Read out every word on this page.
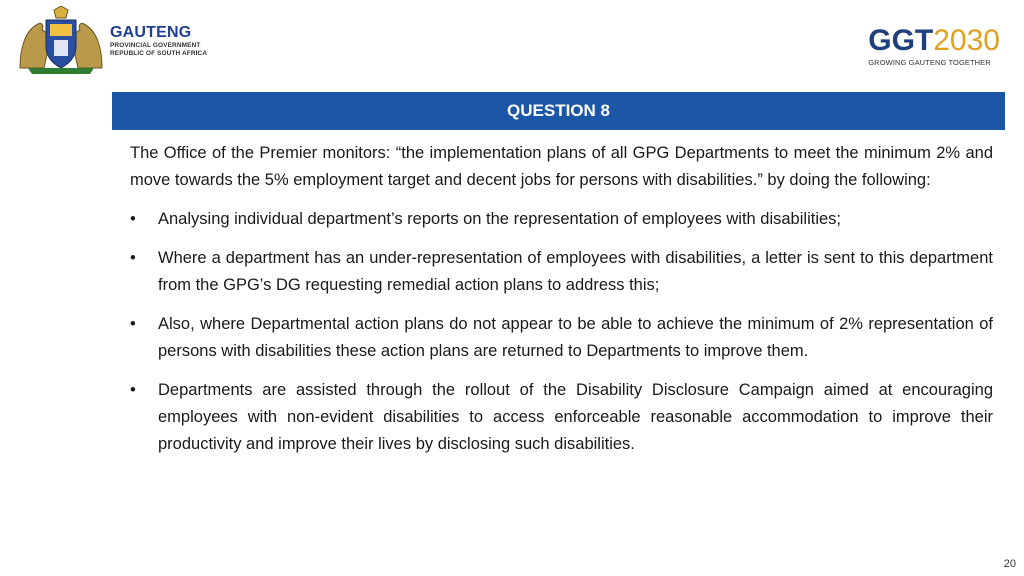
GAUTENG
PROVINCIAL GOVERNMENT
REPUBLIC OF SOUTH AFRICA	GGT2030
GROWING GAUTENG TOGETHER
QUESTION 8

The Office of the Premier monitors: “the implementation plans of all GPG Departments to meet the minimum 2% and move towards the 5% employment target and decent jobs for persons with disabilities.” by doing the following:

• Analysing individual department’s reports on the representation of employees with disabilities;
• Where a department has an under-representation of employees with disabilities, a letter is sent to this department from the GPG’s DG requesting remedial action plans to address this;
• Also, where Departmental action plans do not appear to be able to achieve the minimum of 2% representation of persons with disabilities these action plans are returned to Departments to improve them.
• Departments are assisted through the rollout of the Disability Disclosure Campaign aimed at encouraging employees with non-evident disabilities to access enforceable reasonable accommodation to improve their productivity and improve their lives by disclosing such disabilities.
20
